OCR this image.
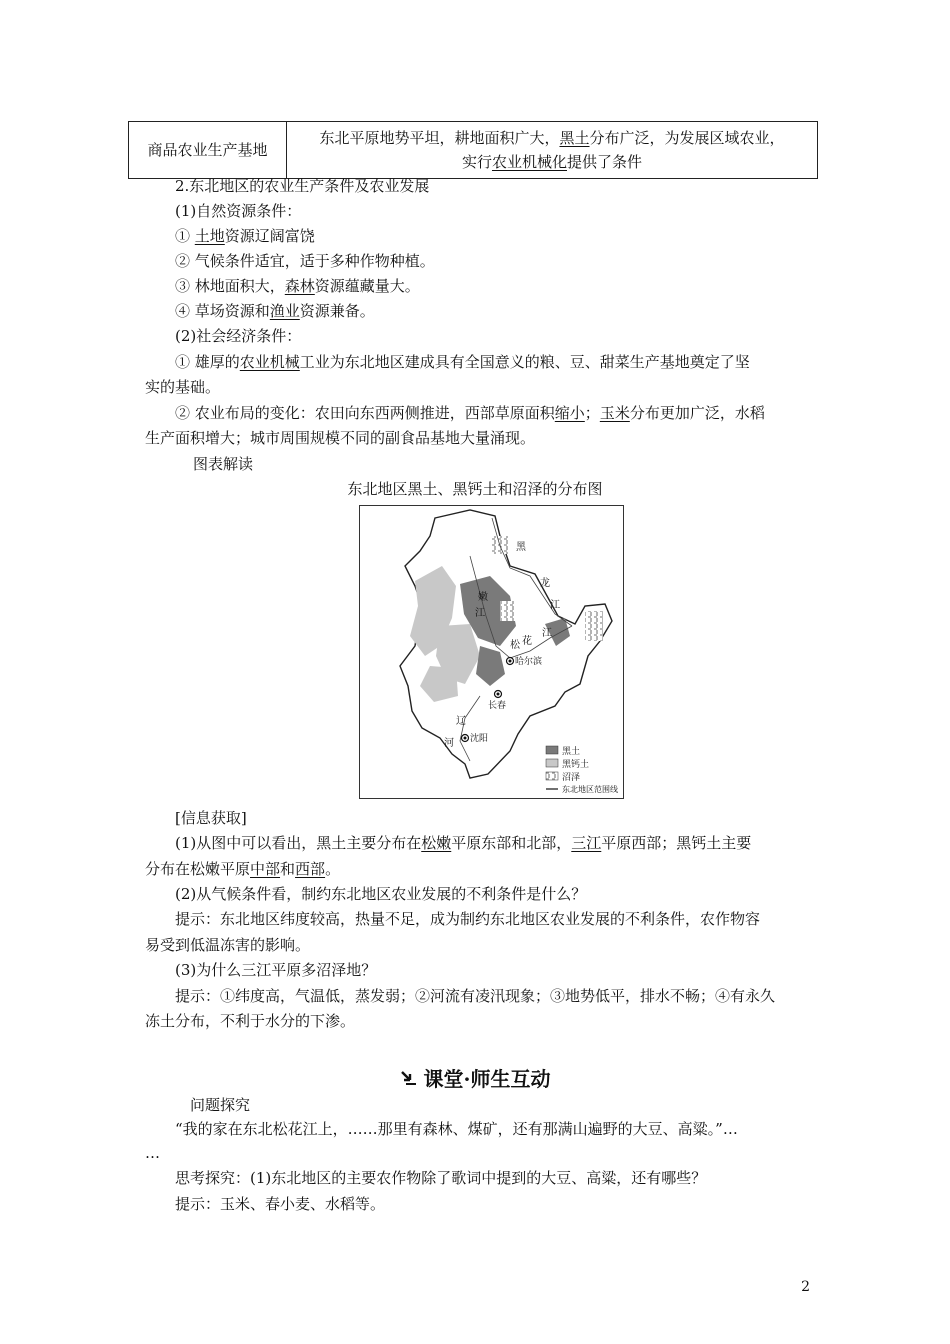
商品农业生产基地	
东北平原地势平坦，耕地面积广大，黑土分布广泛，为发展区域农业，
实行农业机械化提供了条件
2.东北地区的农业生产条件及农业发展
(1)自然资源条件：
① 土地资源辽阔富饶
② 气候条件适宜，适于多种作物种植。
③ 林地面积大，森林资源蕴藏量大。
④ 草场资源和渔业资源兼备。
(2)社会经济条件：
① 雄厚的农业机械工业为东北地区建成具有全国意义的粮、豆、甜菜生产基地奠定了坚
实的基础。
② 农业布局的变化：农田向东西两侧推进，西部草原面积缩小；玉米分布更加广泛，水稻
生产面积增大；城市周围规模不同的副食品基地大量涌现。
图表解读
东北地区黑土、黑钙土和沼泽的分布图
黑
龙
江
嫩
江
松 花
江
哈尔滨
长春
沈阳
辽
河
黑土
黑钙土
沼泽
东北地区范围线
[信息获取]
(1)从图中可以看出，黑土主要分布在松嫩平原东部和北部，三江平原西部；黑钙土主要
分布在松嫩平原中部和西部。
(2)从气候条件看，制约东北地区农业发展的不利条件是什么？
提示：东北地区纬度较高，热量不足，成为制约东北地区农业发展的不利条件，农作物容
易受到低温冻害的影响。
(3)为什么三江平原多沼泽地？
提示：①纬度高，气温低，蒸发弱；②河流有凌汛现象；③地势低平，排水不畅；④有永久
冻土分布，不利于水分的下渗。
课堂·师生互动
问题探究
“我的家在东北松花江上，……那里有森林、煤矿，还有那满山遍野的大豆、高粱。”…
…
思考探究：(1)东北地区的主要农作物除了歌词中提到的大豆、高粱，还有哪些？
提示：玉米、春小麦、水稻等。
2
